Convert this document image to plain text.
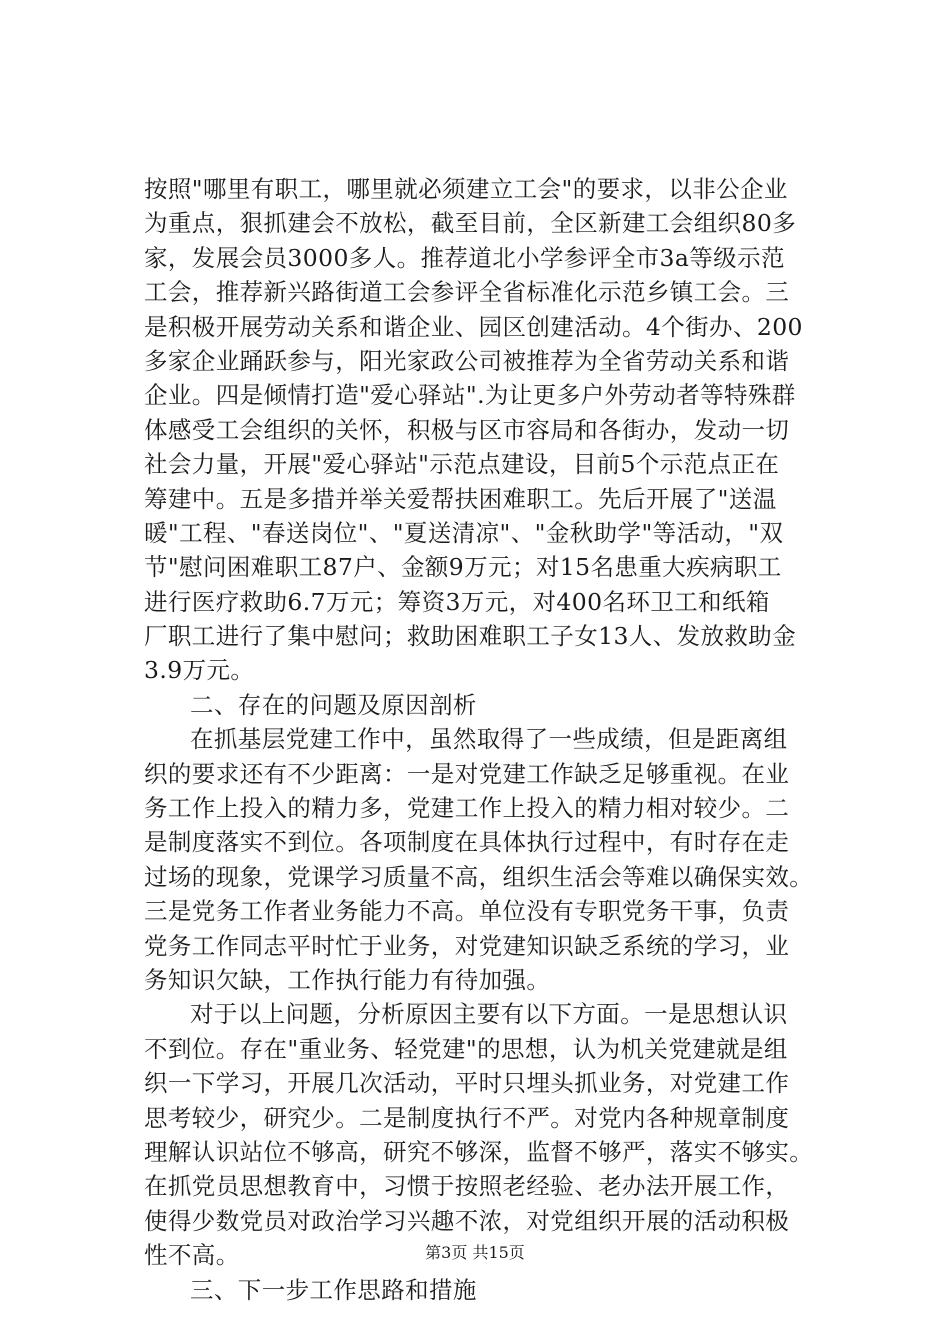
按照"哪里有职工，哪里就必须建立工会"的要求，以非公企业
为重点，狠抓建会不放松，截至目前，全区新建工会组织80多
家，发展会员3000多人。推荐道北小学参评全市3a等级示范
工会，推荐新兴路街道工会参评全省标准化示范乡镇工会。三
是积极开展劳动关系和谐企业、园区创建活动。4个街办、200
多家企业踊跃参与，阳光家政公司被推荐为全省劳动关系和谐
企业。四是倾情打造"爱心驿站".为让更多户外劳动者等特殊群
体感受工会组织的关怀，积极与区市容局和各街办，发动一切
社会力量，开展"爱心驿站"示范点建设，目前5个示范点正在
筹建中。五是多措并举关爱帮扶困难职工。先后开展了"送温
暖"工程、"春送岗位"、"夏送清凉"、"金秋助学"等活动，"双
节"慰问困难职工87户、金额9万元；对15名患重大疾病职工
进行医疗救助6.7万元；筹资3万元，对400名环卫工和纸箱
厂职工进行了集中慰问；救助困难职工子女13人、发放救助金
3.9万元。
二、存在的问题及原因剖析
在抓基层党建工作中，虽然取得了一些成绩，但是距离组
织的要求还有不少距离：一是对党建工作缺乏足够重视。在业
务工作上投入的精力多，党建工作上投入的精力相对较少。二
是制度落实不到位。各项制度在具体执行过程中，有时存在走
过场的现象，党课学习质量不高，组织生活会等难以确保实效。
三是党务工作者业务能力不高。单位没有专职党务干事，负责
党务工作同志平时忙于业务，对党建知识缺乏系统的学习，业
务知识欠缺，工作执行能力有待加强。
对于以上问题，分析原因主要有以下方面。一是思想认识
不到位。存在"重业务、轻党建"的思想，认为机关党建就是组
织一下学习，开展几次活动，平时只埋头抓业务，对党建工作
思考较少，研究少。二是制度执行不严。对党内各种规章制度
理解认识站位不够高，研究不够深，监督不够严，落实不够实。
在抓党员思想教育中，习惯于按照老经验、老办法开展工作，
使得少数党员对政治学习兴趣不浓，对党组织开展的活动积极
性不高。
三、下一步工作思路和措施
第3页 共15页
